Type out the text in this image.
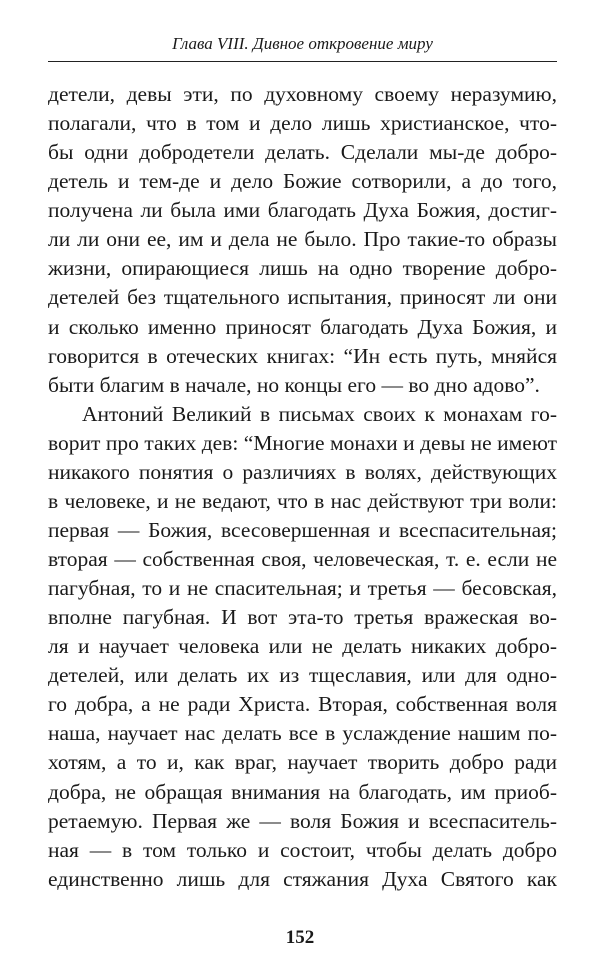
Глава VIII. Дивное откровение миру
детели, девы эти, по духовному своему неразумию,
полагали, что в том и дело лишь христианское, что-
бы одни добродетели делать. Сделали мы-де добро-
детель и тем-де и дело Божие сотворили, а до того,
получена ли была ими благодать Духа Божия, достиг-
ли ли они ее, им и дела не было. Про такие-то образы
жизни, опирающиеся лишь на одно творение добро-
детелей без тщательного испытания, приносят ли они
и сколько именно приносят благодать Духа Божия, и
говорится в отеческих книгах: “Ин есть путь, мняйся
быти благим в начале, но концы его — во дно адово”.
Антоний Великий в письмах своих к монахам го-
ворит про таких дев: “Многие монахи и девы не имеют
никакого понятия о различиях в волях, действующих
в человеке, и не ведают, что в нас действуют три воли:
первая — Божия, всесовершенная и всеспасительная;
вторая — собственная своя, человеческая, т. е. если не
пагубная, то и не спасительная; и третья — бесовская,
вполне пагубная. И вот эта-то третья вражеская во-
ля и научает человека или не делать никаких добро-
детелей, или делать их из тщеславия, или для одно-
го добра, а не ради Христа. Вторая, собственная воля
наша, научает нас делать все в услаждение нашим по-
хотям, а то и, как враг, научает творить добро ради
добра, не обращая внимания на благодать, им приоб-
ретаемую. Первая же — воля Божия и всеспаситель-
ная — в том только и состоит, чтобы делать добро
единственно лишь для стяжания Духа Святого как
152
